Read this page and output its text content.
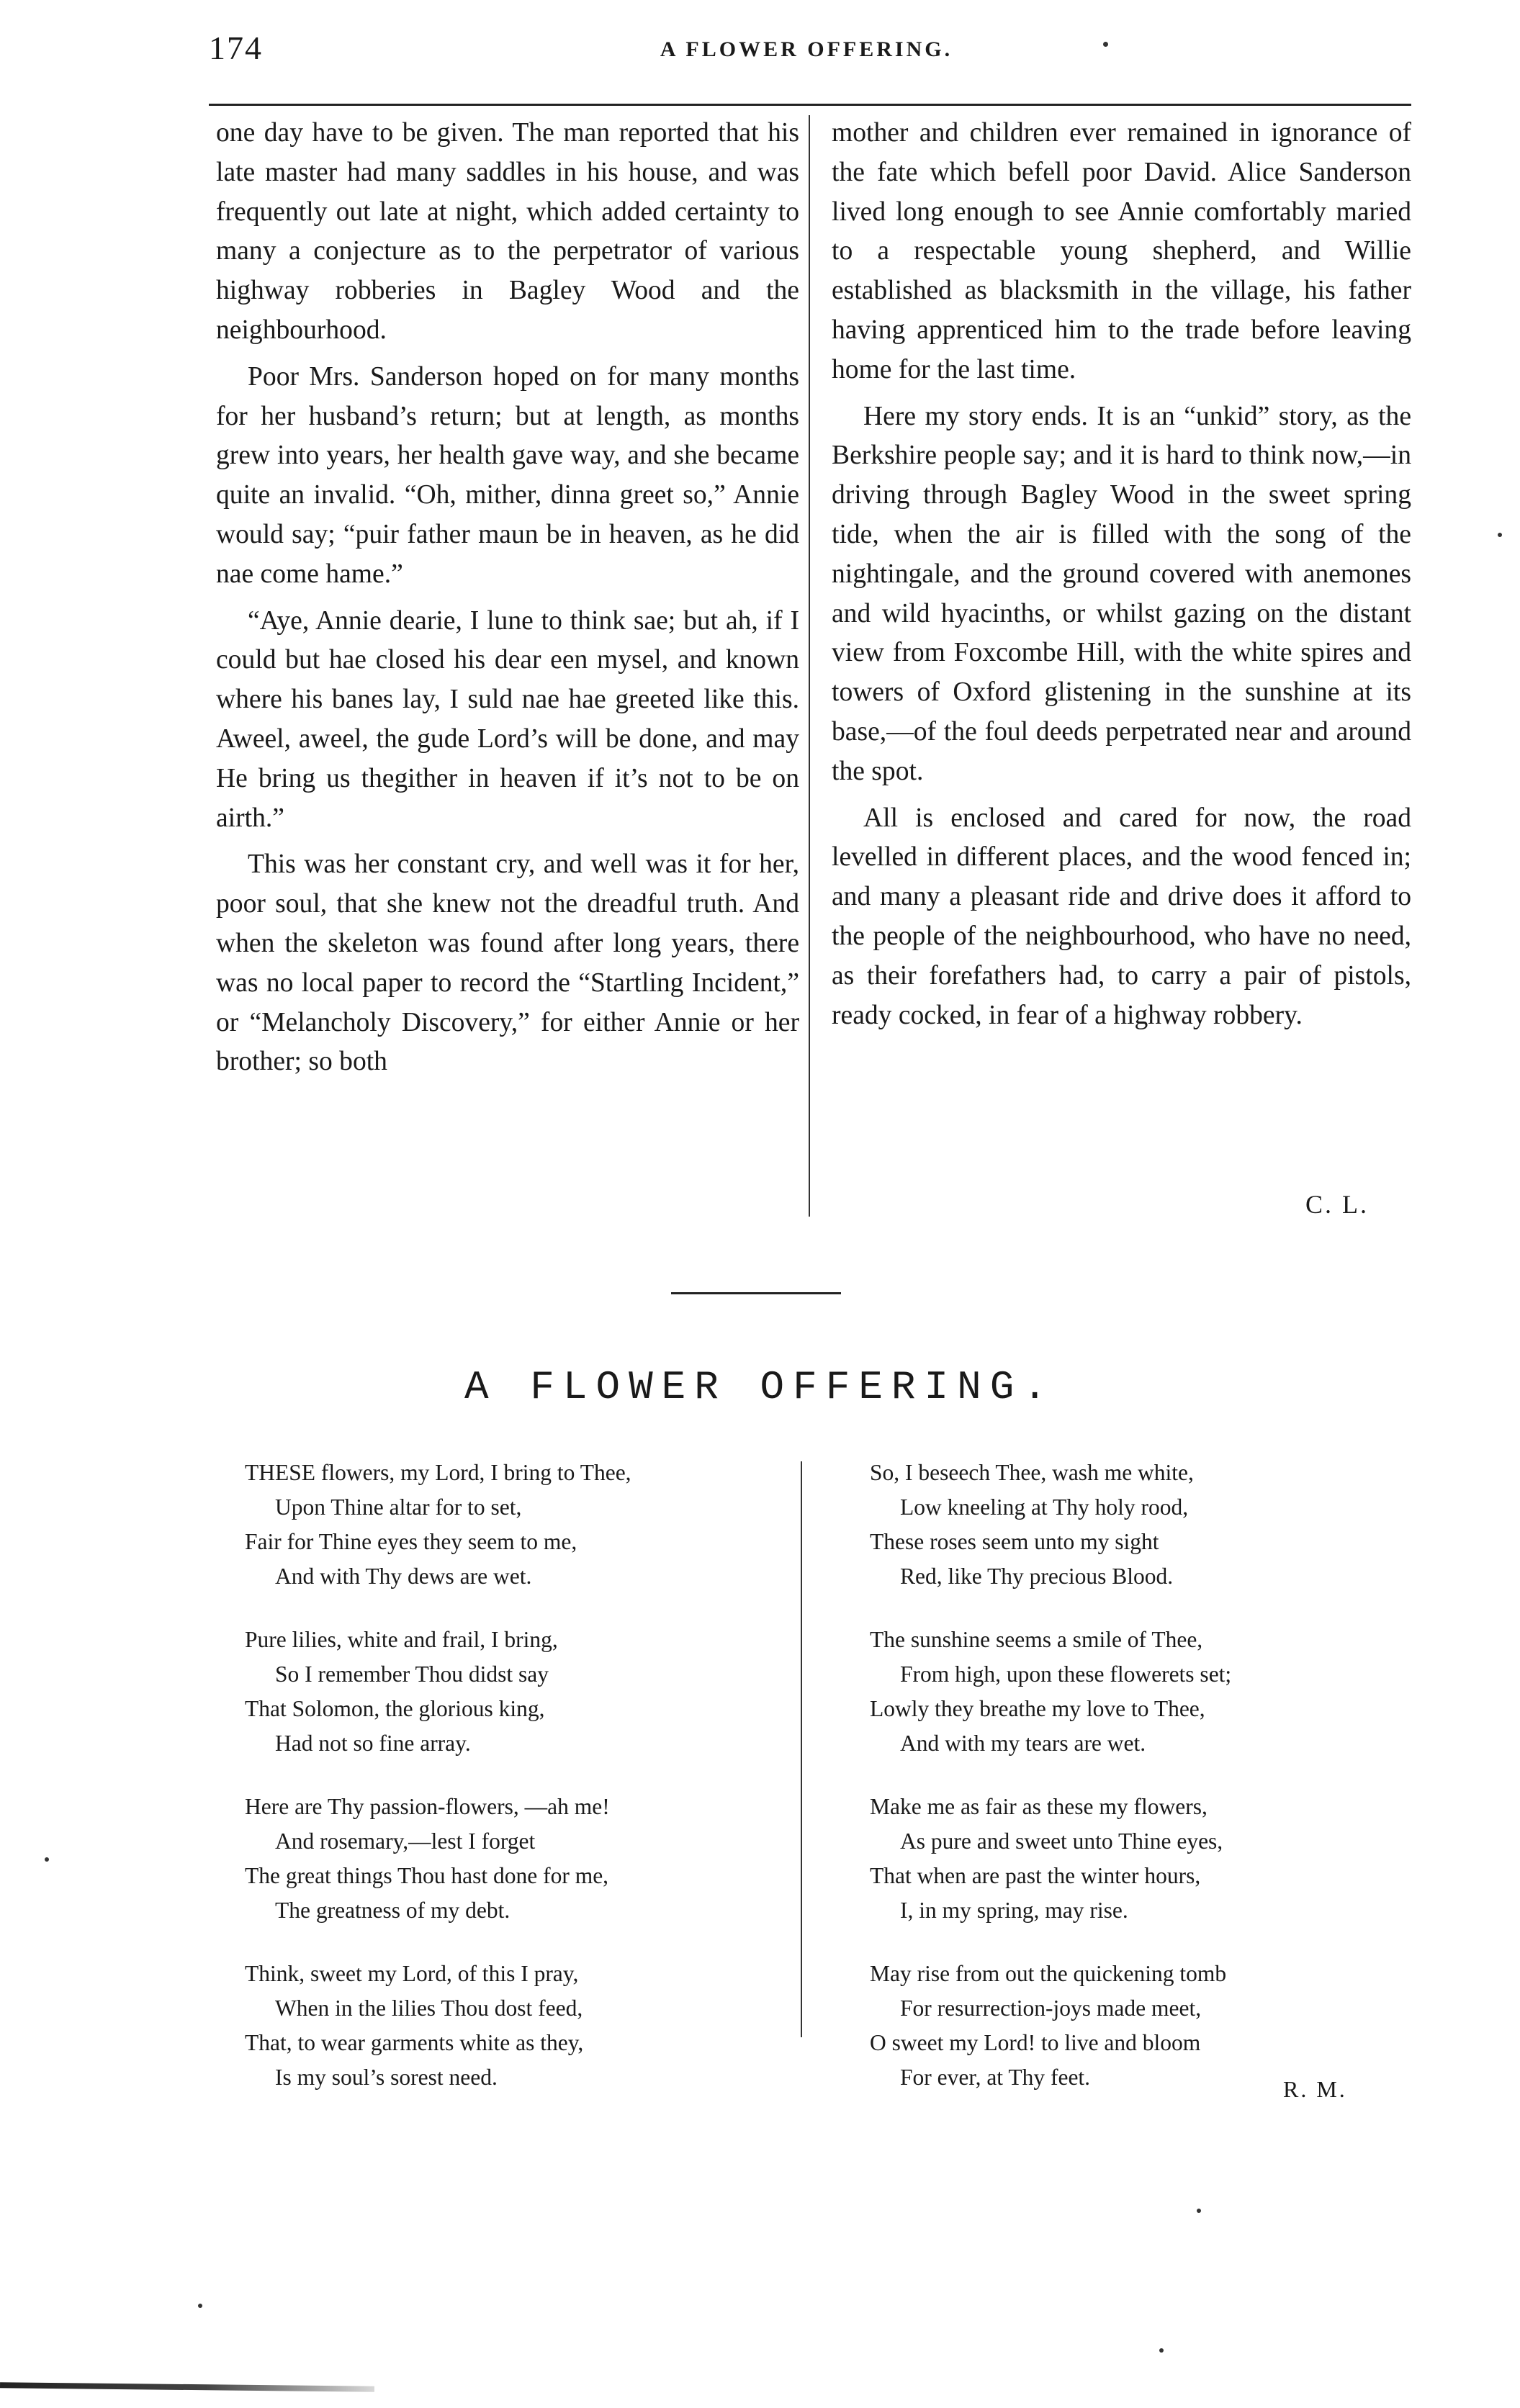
174	A FLOWER OFFERING.

one day have to be given. The man reported that his late master had many saddles in his house, and was frequently out late at night, which added certainty to many a conjecture as to the perpetrator of various highway robberies in Bagley Wood and the neighbourhood.

Poor Mrs. Sanderson hoped on for many months for her husband’s return; but at length, as months grew into years, her health gave way, and she became quite an invalid. “Oh, mither, dinna greet so,” Annie would say; “puir father maun be in heaven, as he did nae come hame.”

“Aye, Annie dearie, I lune to think sae; but ah, if I could but hae closed his dear een mysel, and known where his banes lay, I suld nae hae greeted like this. Aweel, aweel, the gude Lord’s will be done, and may He bring us thegither in heaven if it’s not to be on airth.”

This was her constant cry, and well was it for her, poor soul, that she knew not the dreadful truth. And when the skeleton was found after long years, there was no local paper to record the “Startling Incident,” or “Melancholy Discovery,” for either Annie or her brother; so both

mother and children ever remained in ignorance of the fate which befell poor David. Alice Sanderson lived long enough to see Annie comfortably maried to a respectable young shepherd, and Willie established as blacksmith in the village, his father having apprenticed him to the trade before leaving home for the last time.

Here my story ends. It is an “unkid” story, as the Berkshire people say; and it is hard to think now,—in driving through Bagley Wood in the sweet spring tide, when the air is filled with the song of the nightingale, and the ground covered with anemones and wild hyacinths, or whilst gazing on the distant view from Foxcombe Hill, with the white spires and towers of Oxford glistening in the sunshine at its base,—of the foul deeds perpetrated near and around the spot.

All is enclosed and cared for now, the road levelled in different places, and the wood fenced in; and many a pleasant ride and drive does it afford to the people of the neighbourhood, who have no need, as their forefathers had, to carry a pair of pistols, ready cocked, in fear of a highway robbery.

C. L.
A FLOWER OFFERING.
THESE flowers, my Lord, I bring to Thee,
Upon Thine altar for to set,
Fair for Thine eyes they seem to me,
And with Thy dews are wet.
Pure lilies, white and frail, I bring,
So I remember Thou didst say
That Solomon, the glorious king,
Had not so fine array.
Here are Thy passion-flowers, —ah me!
And rosemary,—lest I forget
The great things Thou hast done for me,
The greatness of my debt.
Think, sweet my Lord, of this I pray,
When in the lilies Thou dost feed,
That, to wear garments white as they,
Is my soul’s sorest need.
So, I beseech Thee, wash me white,
Low kneeling at Thy holy rood,
These roses seem unto my sight
Red, like Thy precious Blood.
The sunshine seems a smile of Thee,
From high, upon these flowerets set;
Lowly they breathe my love to Thee,
And with my tears are wet.
Make me as fair as these my flowers,
As pure and sweet unto Thine eyes,
That when are past the winter hours,
I, in my spring, may rise.
May rise from out the quickening tomb
For resurrection-joys made meet,
O sweet my Lord! to live and bloom
For ever, at Thy feet.	R. M.
